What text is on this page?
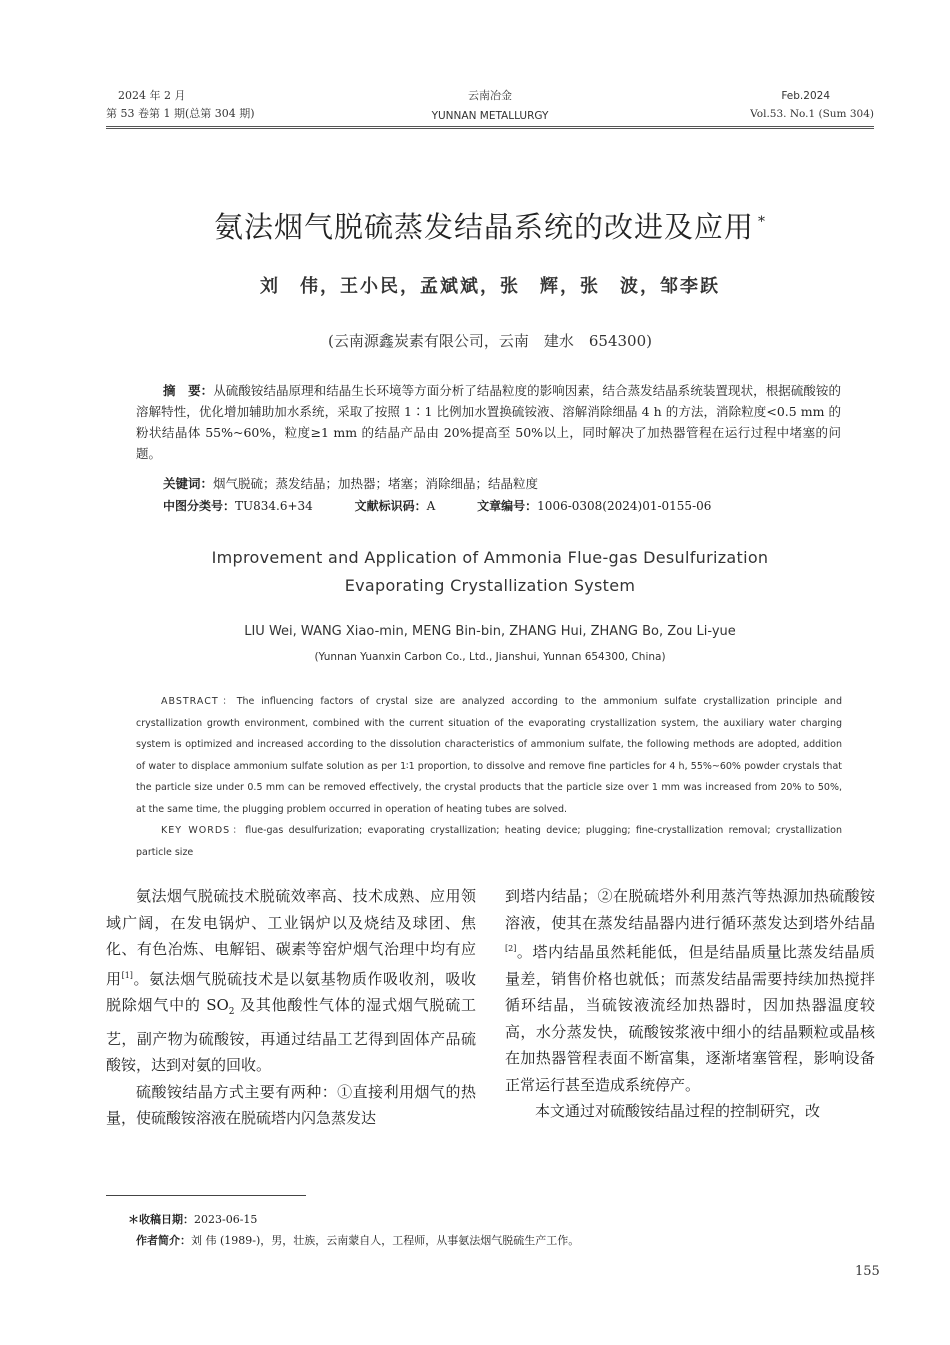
2024 年 2 月
第 53 卷第 1 期(总第 304 期)
云南冶金
YUNNAN METALLURGY
Feb.2024
Vol.53. No.1 (Sum 304)
氨法烟气脱硫蒸发结晶系统的改进及应用 *
刘　伟，王小民，孟斌斌，张　辉，张　波，邹李跃
(云南源鑫炭素有限公司，云南　建水　654300)
摘　要：从硫酸铵结晶原理和结晶生长环境等方面分析了结晶粒度的影响因素，结合蒸发结晶系统装置现状，根据硫酸铵的溶解特性，优化增加辅助加水系统，采取了按照 1∶1 比例加水置换硫铵液、溶解消除细晶 4 h 的方法，消除粒度<0.5 mm 的粉状结晶体 55%~60%，粒度≥1 mm 的结晶产品由 20%提高至 50%以上，同时解决了加热器管程在运行过程中堵塞的问题。
关键词：烟气脱硫；蒸发结晶；加热器；堵塞；消除细晶；结晶粒度
中图分类号：TU834.6+34	文献标识码：A	文章编号：1006-0308(2024)01-0155-06
Improvement and Application of Ammonia Flue-gas Desulfurization
Evaporating Crystallization System
LIU Wei, WANG Xiao-min, MENG Bin-bin, ZHANG Hui, ZHANG Bo, Zou Li-yue
(Yunnan Yuanxin Carbon Co., Ltd., Jianshui, Yunnan 654300, China)
ABSTRACT：The influencing factors of crystal size are analyzed according to the ammonium sulfate crystallization principle and crystallization growth environment, combined with the current situation of the evaporating crystallization system, the auxiliary water charging system is optimized and increased according to the dissolution characteristics of ammonium sulfate, the following methods are adopted, addition of water to displace ammonium sulfate solution as per 1∶1 proportion, to dissolve and remove fine particles for 4 h, 55%~60% powder crystals that the particle size under 0.5 mm can be removed effectively, the crystal products that the particle size over 1 mm was increased from 20% to 50%, at the same time, the plugging problem occurred in operation of heating tubes are solved.
KEY WORDS：flue-gas desulfurization; evaporating crystallization; heating device; plugging; fine-crystallization removal; crystallization particle size

氨法烟气脱硫技术脱硫效率高、技术成熟、应用领域广阔，在发电锅炉、工业锅炉以及烧结及球团、焦化、有色冶炼、电解铝、碳素等窑炉烟气治理中均有应用[1]。氨法烟气脱硫技术是以氨基物质作吸收剂，吸收脱除烟气中的 $SO_2$ 及其他酸性气体的湿式烟气脱硫工艺，副产物为硫酸铵，再通过结晶工艺得到固体产品硫酸铵，达到对氨的回收。

硫酸铵结晶方式主要有两种：①直接利用烟气的热量，使硫酸铵溶液在脱硫塔内闪急蒸发达

到塔内结晶；②在脱硫塔外利用蒸汽等热源加热硫酸铵溶液，使其在蒸发结晶器内进行循环蒸发达到塔外结晶[2]。塔内结晶虽然耗能低，但是结晶质量比蒸发结晶质量差，销售价格也就低；而蒸发结晶需要持续加热搅拌循环结晶，当硫铵液流经加热器时，因加热器温度较高，水分蒸发快，硫酸铵浆液中细小的结晶颗粒或晶核在加热器管程表面不断富集，逐渐堵塞管程，影响设备正常运行甚至造成系统停产。

本文通过对硫酸铵结晶过程的控制研究，改

＊收稿日期：2023-06-15
作者简介：刘 伟 (1989-)，男，壮族，云南蒙自人，工程师，从事氨法烟气脱硫生产工作。
155
